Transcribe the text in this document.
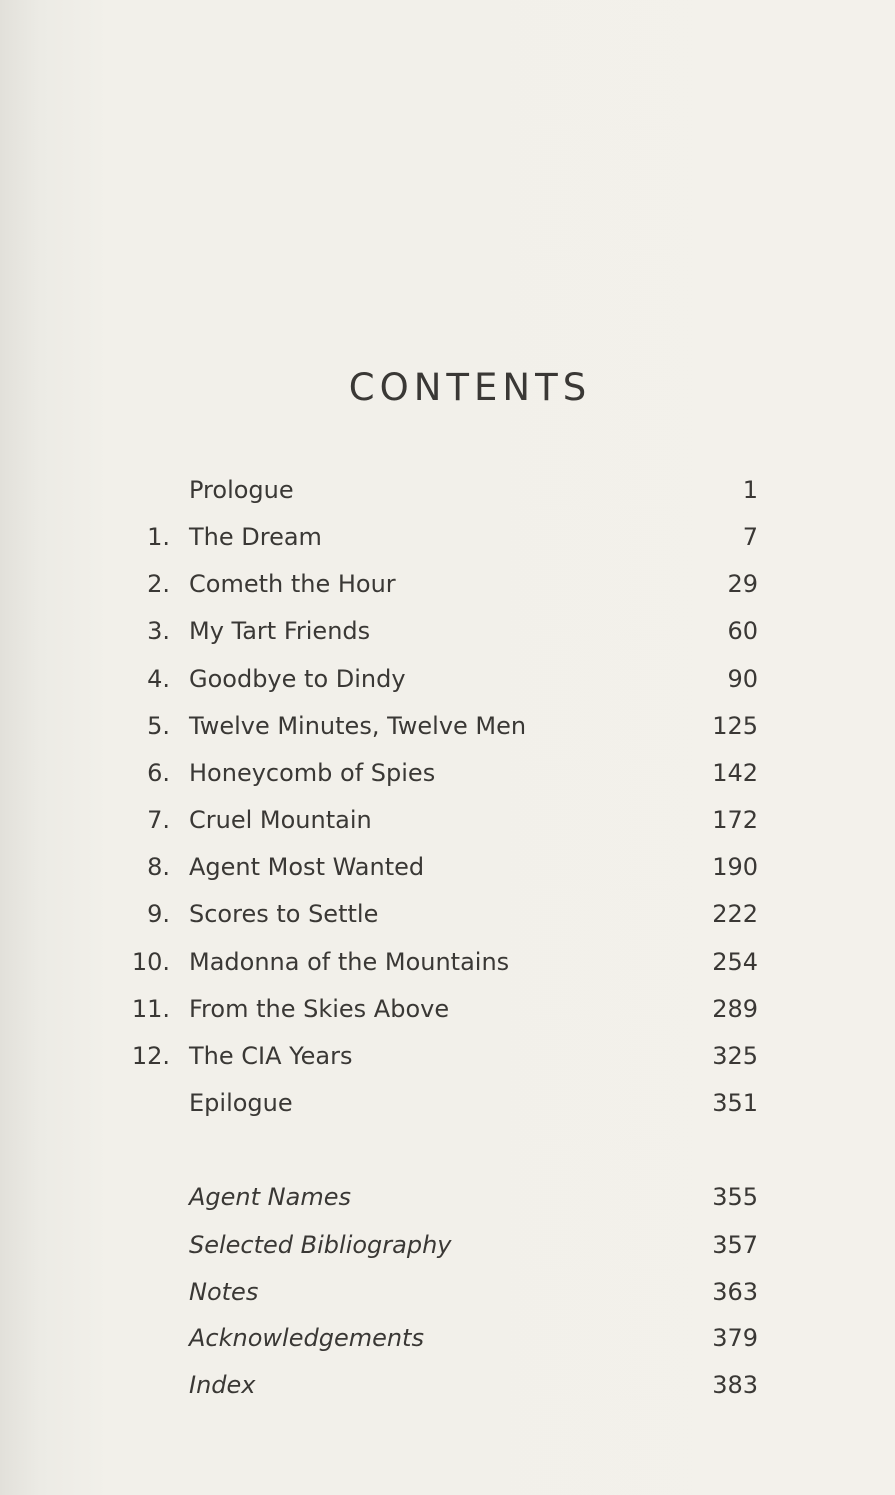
CONTENTS
Prologue	1
1. The Dream	7
2. Cometh the Hour	29
3. My Tart Friends	60
4. Goodbye to Dindy	90
5. Twelve Minutes, Twelve Men	125
6. Honeycomb of Spies	142
7. Cruel Mountain	172
8. Agent Most Wanted	190
9. Scores to Settle	222
10. Madonna of the Mountains	254
11. From the Skies Above	289
12. The CIA Years	325
Epilogue	351
Agent Names	355
Selected Bibliography	357
Notes	363
Acknowledgements	379
Index	383
